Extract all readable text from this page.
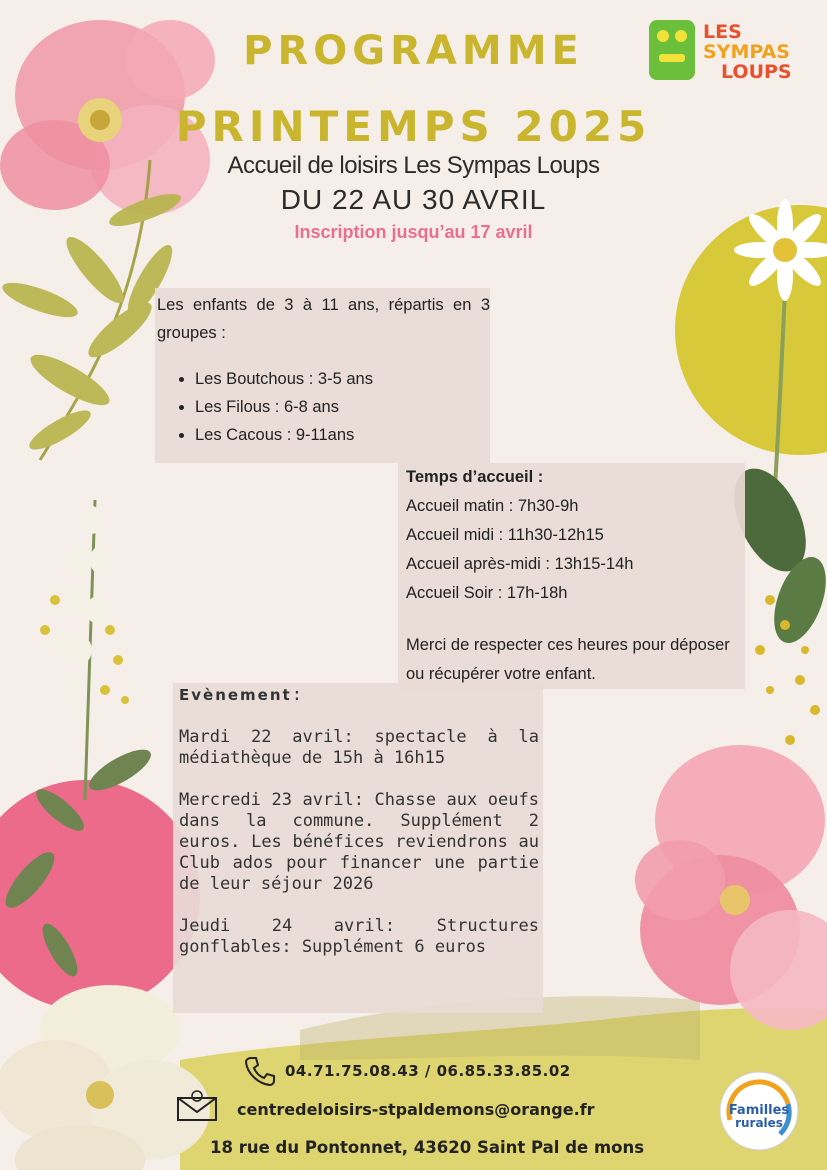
PROGRAMME
PRINTEMPS 2025
Accueil de loisirs Les Sympas Loups
DU 22 AU 30 AVRIL
Inscription jusqu’au 17 avril
LES
SYMPAS
LOUPS
Les enfants de 3 à 11 ans, répartis en 3 groupes :
• Les Boutchous : 3-5 ans
• Les Filous : 6-8 ans
• Les Cacous : 9-11ans
Temps d’accueil :
Accueil matin : 7h30-9h
Accueil midi : 11h30-12h15
Accueil après-midi : 13h15-14h
Accueil Soir : 17h-18h
Merci de respecter ces heures pour déposer ou récupérer votre enfant.
Evènement:

Mardi 22 avril: spectacle à la médiathèque de 15h à 16h15

Mercredi 23 avril: Chasse aux oeufs dans la commune. Supplément 2 euros. Les bénéfices reviendrons au Club ados pour financer une partie de leur séjour 2026

Jeudi 24 avril: Structures gonflables: Supplément 6 euros

04.71.75.08.43 / 06.85.33.85.02
centredeloisirs-stpaldemons@orange.fr
18 rue du Pontonnet, 43620 Saint Pal de mons
Familles
rurales
